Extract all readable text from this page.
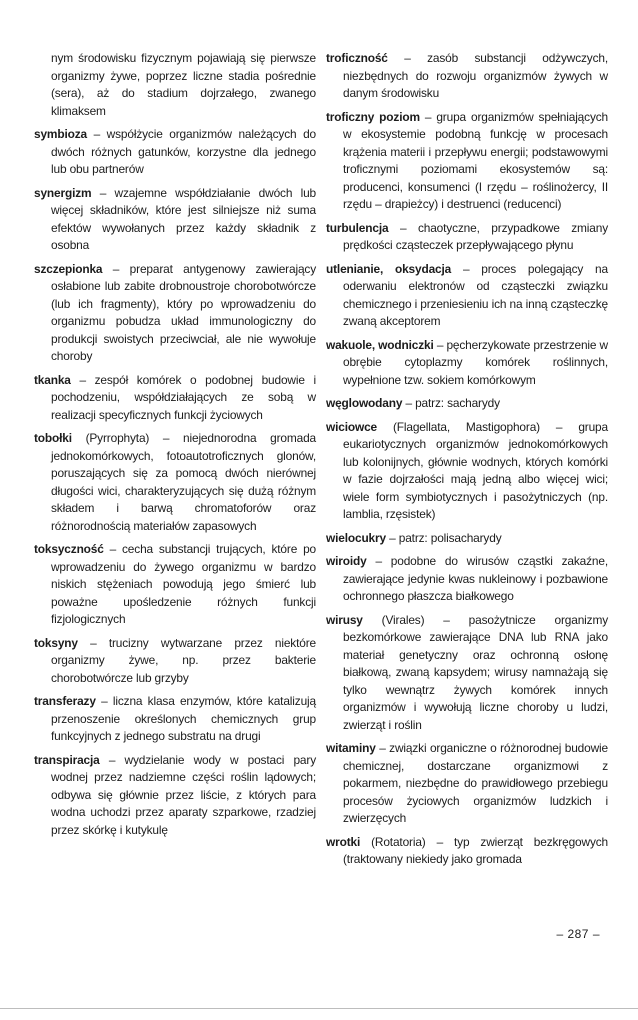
nym środowisku fizycznym pojawiają się pierwsze organizmy żywe, poprzez liczne stadia pośrednie (sera), aż do stadium dojrzałego, zwanego klimaksem

symbioza – współżycie organizmów należących do dwóch różnych gatunków, korzystne dla jednego lub obu partnerów

synergizm – wzajemne współdziałanie dwóch lub więcej składników, które jest silniejsze niż suma efektów wywołanych przez każdy składnik z osobna

szczepionka – preparat antygenowy zawierający osłabione lub zabite drobnoustroje chorobotwórcze (lub ich fragmenty), który po wprowadzeniu do organizmu pobudza układ immunologiczny do produkcji swoistych przeciwciał, ale nie wywołuje choroby

tkanka – zespół komórek o podobnej budowie i pochodzeniu, współdziałających ze sobą w realizacji specyficznych funkcji życiowych

tobołki (Pyrrophyta) – niejednorodna gromada jednokomórkowych, fotoautotroficznych glonów, poruszających się za pomocą dwóch nierównej długości wici, charakteryzujących się dużą różnym składem i barwą chromatoforów oraz różnorodnością materiałów zapasowych

toksyczność – cecha substancji trujących, które po wprowadzeniu do żywego organizmu w bardzo niskich stężeniach powodują jego śmierć lub poważne upośledzenie różnych funkcji fizjologicznych

toksyny – trucizny wytwarzane przez niektóre organizmy żywe, np. przez bakterie chorobotwórcze lub grzyby

transferazy – liczna klasa enzymów, które katalizują przenoszenie określonych chemicznych grup funkcyjnych z jednego substratu na drugi

transpiracja – wydzielanie wody w postaci pary wodnej przez nadziemne części roślin lądowych; odbywa się głównie przez liście, z których para wodna uchodzi przez aparaty szparkowe, rzadziej przez skórkę i kutykulę

troficzność – zasób substancji odżywczych, niezbędnych do rozwoju organizmów żywych w danym środowisku

troficzny poziom – grupa organizmów spełniających w ekosystemie podobną funkcję w procesach krążenia materii i przepływu energii; podstawowymi troficznymi poziomami ekosystemów są: producenci, konsumenci (I rzędu – roślinożercy, II rzędu – drapieżcy) i destruenci (reducenci)

turbulencja – chaotyczne, przypadkowe zmiany prędkości cząsteczek przepływającego płynu

utlenianie, oksydacja – proces polegający na oderwaniu elektronów od cząsteczki związku chemicznego i przeniesieniu ich na inną cząsteczkę zwaną akceptorem

wakuole, wodniczki – pęcherzykowate przestrzenie w obrębie cytoplazmy komórek roślinnych, wypełnione tzw. sokiem komórkowym

węglowodany – patrz: sacharydy

wiciowce (Flagellata, Mastigophora) – grupa eukariotycznych organizmów jednokomórkowych lub kolonijnych, głównie wodnych, których komórki w fazie dojrzałości mają jedną albo więcej wici; wiele form symbiotycznych i pasożytniczych (np. lamblia, rzęsistek)

wielocukry – patrz: polisacharydy

wiroidy – podobne do wirusów cząstki zakaźne, zawierające jedynie kwas nukleinowy i pozbawione ochronnego płaszcza białkowego

wirusy (Virales) – pasożytnicze organizmy bezkomórkowe zawierające DNA lub RNA jako materiał genetyczny oraz ochronną osłonę białkową, zwaną kapsydem; wirusy namnażają się tylko wewnątrz żywych komórek innych organizmów i wywołują liczne choroby u ludzi, zwierząt i roślin

witaminy – związki organiczne o różnorodnej budowie chemicznej, dostarczane organizmowi z pokarmem, niezbędne do prawidłowego przebiegu procesów życiowych organizmów ludzkich i zwierzęcych

wrotki (Rotatoria) – typ zwierząt bezkręgowych (traktowany niekiedy jako gromada

– 287 –
